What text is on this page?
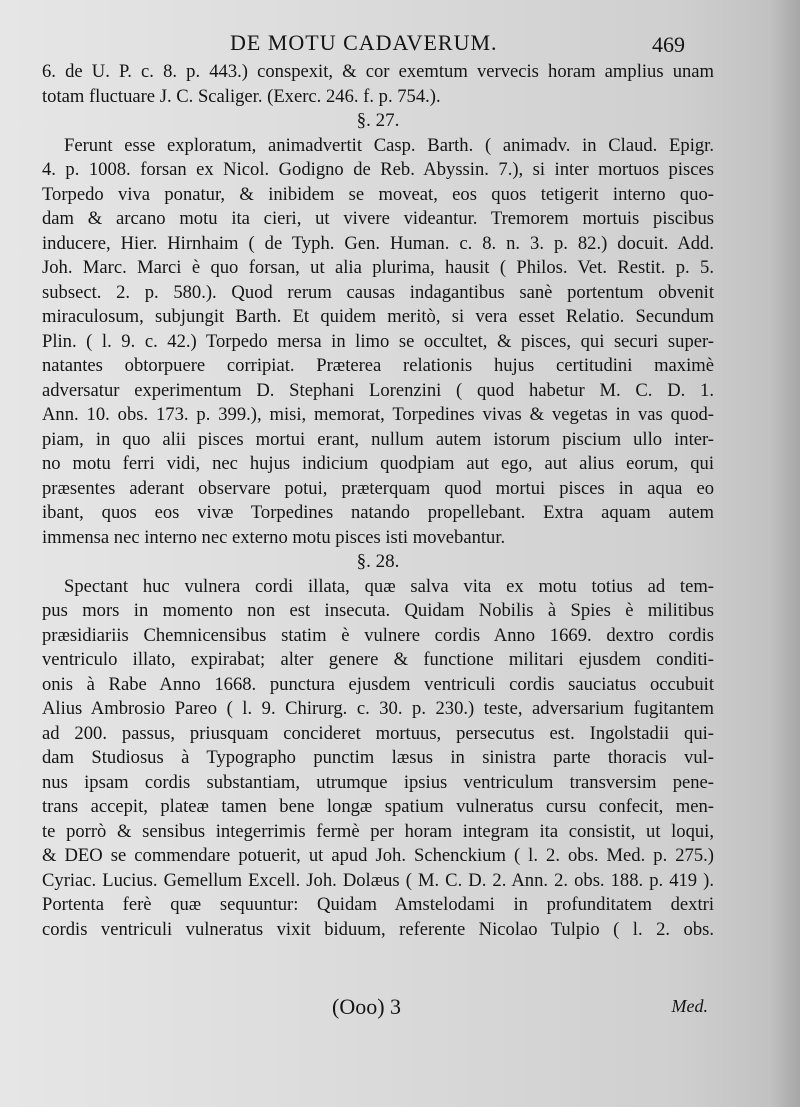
DE MOTU CADAVERUM.	469
6. de U. P. c. 8. p. 443.) conspexit, & cor exemtum vervecis horam amplius unam
totam fluctuare J. C. Scaliger. (Exerc. 246. f. p. 754.).
§. 27.
Ferunt esse exploratum, animadvertit Casp. Barth. ( animadv. in Claud. Epigr.
4. p. 1008. forsan ex Nicol. Godigno de Reb. Abyssin. 7.), si inter mortuos pisces
Torpedo viva ponatur, & inibidem se moveat, eos quos tetigerit interno quo-
dam & arcano motu ita cieri, ut vivere videantur. Tremorem mortuis piscibus
inducere, Hier. Hirnhaim ( de Typh. Gen. Human. c. 8. n. 3. p. 82.) docuit. Add.
Joh. Marc. Marci è quo forsan, ut alia plurima, hausit ( Philos. Vet. Restit. p. 5.
subsect. 2. p. 580.). Quod rerum causas indagantibus sanè portentum obvenit
miraculosum, subjungit Barth. Et quidem meritò, si vera esset Relatio. Secundum
Plin. ( l. 9. c. 42.) Torpedo mersa in limo se occultet, & pisces, qui securi super-
natantes obtorpuere corripiat. Præterea relationis hujus certitudini maximè
adversatur experimentum D. Stephani Lorenzini ( quod habetur M. C. D. 1.
Ann. 10. obs. 173. p. 399.), misi, memorat, Torpedines vivas & vegetas in vas quod-
piam, in quo alii pisces mortui erant, nullum autem istorum piscium ullo inter-
no motu ferri vidi, nec hujus indicium quodpiam aut ego, aut alius eorum, qui
præsentes aderant observare potui, præterquam quod mortui pisces in aqua eo
ibant, quos eos vivæ Torpedines natando propellebant. Extra aquam autem
immensa nec interno nec externo motu pisces isti movebantur.
§. 28.
Spectant huc vulnera cordi illata, quæ salva vita ex motu totius ad tem-
pus mors in momento non est insecuta. Quidam Nobilis à Spies è militibus
præsidiariis Chemnicensibus statim è vulnere cordis Anno 1669. dextro cordis
ventriculo illato, expirabat; alter genere & functione militari ejusdem conditi-
onis à Rabe Anno 1668. punctura ejusdem ventriculi cordis sauciatus occubuit
Alius Ambrosio Pareo ( l. 9. Chirurg. c. 30. p. 230.) teste, adversarium fugitantem
ad 200. passus, priusquam concideret mortuus, persecutus est. Ingolstadii qui-
dam Studiosus à Typographo punctim læsus in sinistra parte thoracis vul-
nus ipsam cordis substantiam, utrumque ipsius ventriculum transversim pene-
trans accepit, plateæ tamen bene longæ spatium vulneratus cursu confecit, men-
te porrò & sensibus integerrimis fermè per horam integram ita consistit, ut loqui,
& DEO se commendare potuerit, ut apud Joh. Schenckium ( l. 2. obs. Med. p. 275.)
Cyriac. Lucius. Gemellum Excell. Joh. Dolæus ( M. C. D. 2. Ann. 2. obs. 188. p. 419 ).
Portenta ferè quæ sequuntur: Quidam Amstelodami in profunditatem dextri
cordis ventriculi vulneratus vixit biduum, referente Nicolao Tulpio ( l. 2. obs.
(Ooo) 3	Med.
